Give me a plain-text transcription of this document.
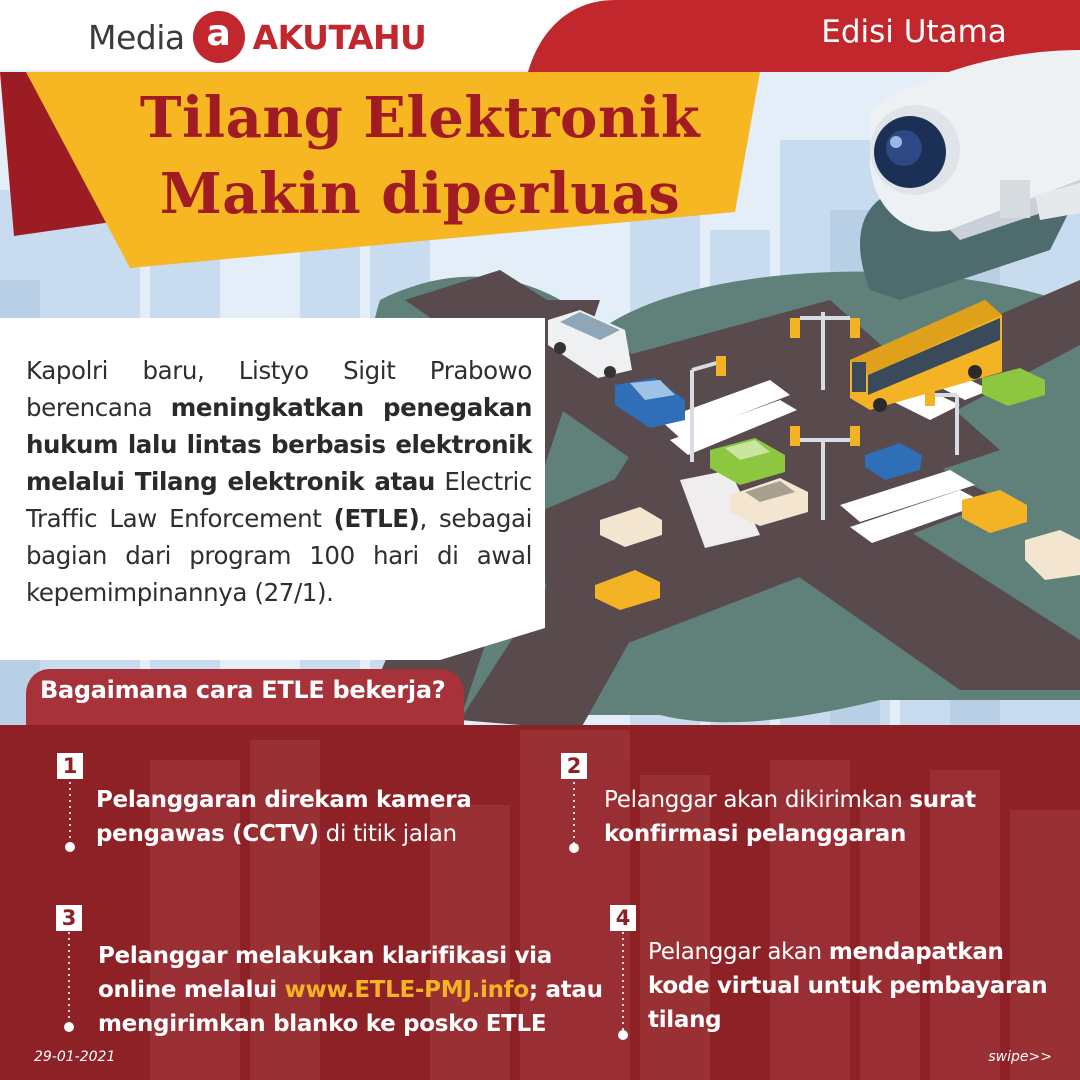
Media a AKUTAHU	Edisi Utama
Tilang Elektronik
Makin diperluas
Kapolri baru, Listyo Sigit Prabowo berencana meningkatkan penegakan hukum lalu lintas berbasis elektronik melalui Tilang elektronik atau Electric Traffic Law Enforcement (ETLE), sebagai bagian dari program 100 hari di awal kepemimpinannya (27/1).
Bagaimana cara ETLE bekerja?
1
Pelanggaran direkam kamera pengawas (CCTV) di titik jalan
2
Pelanggar akan dikirimkan surat konfirmasi pelanggaran
3
Pelanggar melakukan klarifikasi via online melalui www.ETLE-PMJ.info; atau mengirimkan blanko ke posko ETLE
4
Pelanggar akan mendapatkan kode virtual untuk pembayaran tilang
29-01-2021	swipe>>
